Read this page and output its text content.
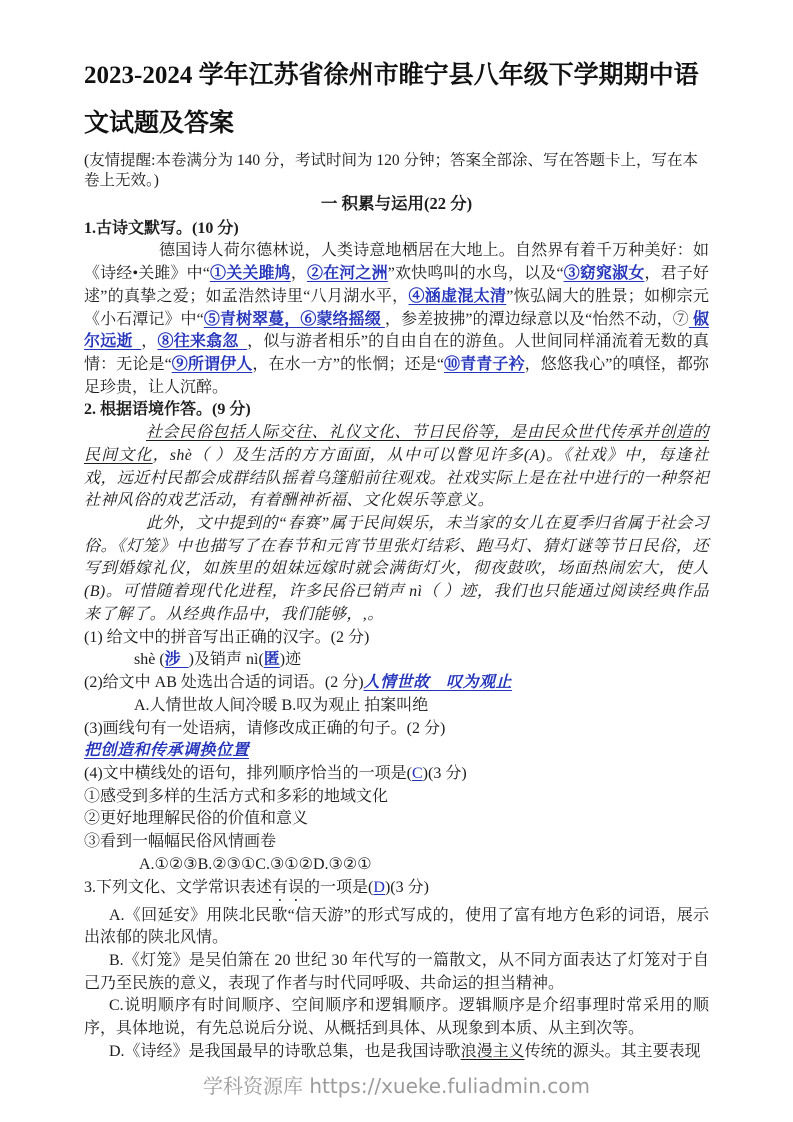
2023-2024 学年江苏省徐州市睢宁县八年级下学期期中语文试题及答案

(友情提醒:本卷满分为 140 分，考试时间为 120 分钟；答案全部涂、写在答题卡上，写在本卷上无效。)

一 积累与运用(22 分)
1.古诗文默写。(10 分)

德国诗人荷尔德林说，人类诗意地栖居在大地上。自然界有着千万种美好：如《诗经•关雎》中“①关关雎鸠，②在河之洲”欢快鸣叫的水鸟，以及“③窈窕淑女，君子好逑”的真挚之爱；如孟浩然诗里“八月湖水平，④涵虚混太清”恢弘阔大的胜景；如柳宗元《小石潭记》中“⑤青树翠蔓，⑥蒙络摇缀 ，参差披拂”的潭边绿意以及“怡然不动，⑦ 俶尔远逝  ，⑧往来翕忽  ，似与游者相乐”的自由自在的游鱼。人世间同样涌流着无数的真情：无论是“⑨所谓伊人，在水一方”的怅惘；还是“⑩青青子衿，悠悠我心”的嗔怪，都弥足珍贵，让人沉醉。

2. 根据语境作答。(9 分)

社会民俗包括人际交往、礼仪文化、节日民俗等，是由民众世代传承并创造的民间文化，shè（ ）及生活的方方面面，从中可以瞥见许多(A)。《社戏》中，每逢社戏，远近村民都会成群结队摇着乌篷船前往观戏。社戏实际上是在社中进行的一种祭祀社神风俗的戏艺活动，有着酬神祈福、文化娱乐等意义。

此外，文中提到的“春赛”属于民间娱乐，未当家的女儿在夏季归省属于社会习俗。《灯笼》中也描写了在春节和元宵节里张灯结彩、跑马灯、猜灯谜等节日民俗，还写到婚嫁礼仪，如族里的姐妹远嫁时就会满街灯火，彻夜鼓吹，场面热闹宏大，使人(B)。可惜随着现代化进程，许多民俗已销声 nì（ ）迹，我们也只能通过阅读经典作品来了解了。从经典作品中，我们能够，,。

(1) 给文中的拼音写出正确的汉字。(2 分)

shè (涉  )及销声 nì(匿)迹

(2)给文中 AB 处选出合适的词语。(2 分)人情世故　叹为观止

A.人情世故人间冷暖 B.叹为观止 拍案叫绝

(3)画线句有一处语病，请修改成正确的句子。(2 分)

把创造和传承调换位置

(4)文中横线处的语句，排列顺序恰当的一项是(C)(3 分)

①感受到多样的生活方式和多彩的地域文化

②更好地理解民俗的价值和意义

③看到一幅幅民俗风情画卷

A.①②③B.②③①C.③①②D.③②①

3.下列文化、文学常识表述有误的一项是(D)(3 分)

A.《回延安》用陕北民歌“信天游”的形式写成的，使用了富有地方色彩的词语，展示出浓郁的陕北风情。

B.《灯笼》是吴伯箫在 20 世纪 30 年代写的一篇散文，从不同方面表达了灯笼对于自己乃至民族的意义，表现了作者与时代同呼吸、共命运的担当精神。

C.说明顺序有时间顺序、空间顺序和逻辑顺序。逻辑顺序是介绍事理时常采用的顺序，具体地说，有先总说后分说、从概括到具体、从现象到本质、从主到次等。

D.《诗经》是我国最早的诗歌总集，也是我国诗歌浪漫主义传统的源头。其主要表现

学科资源库 https://xueke.fuliadmin.com
